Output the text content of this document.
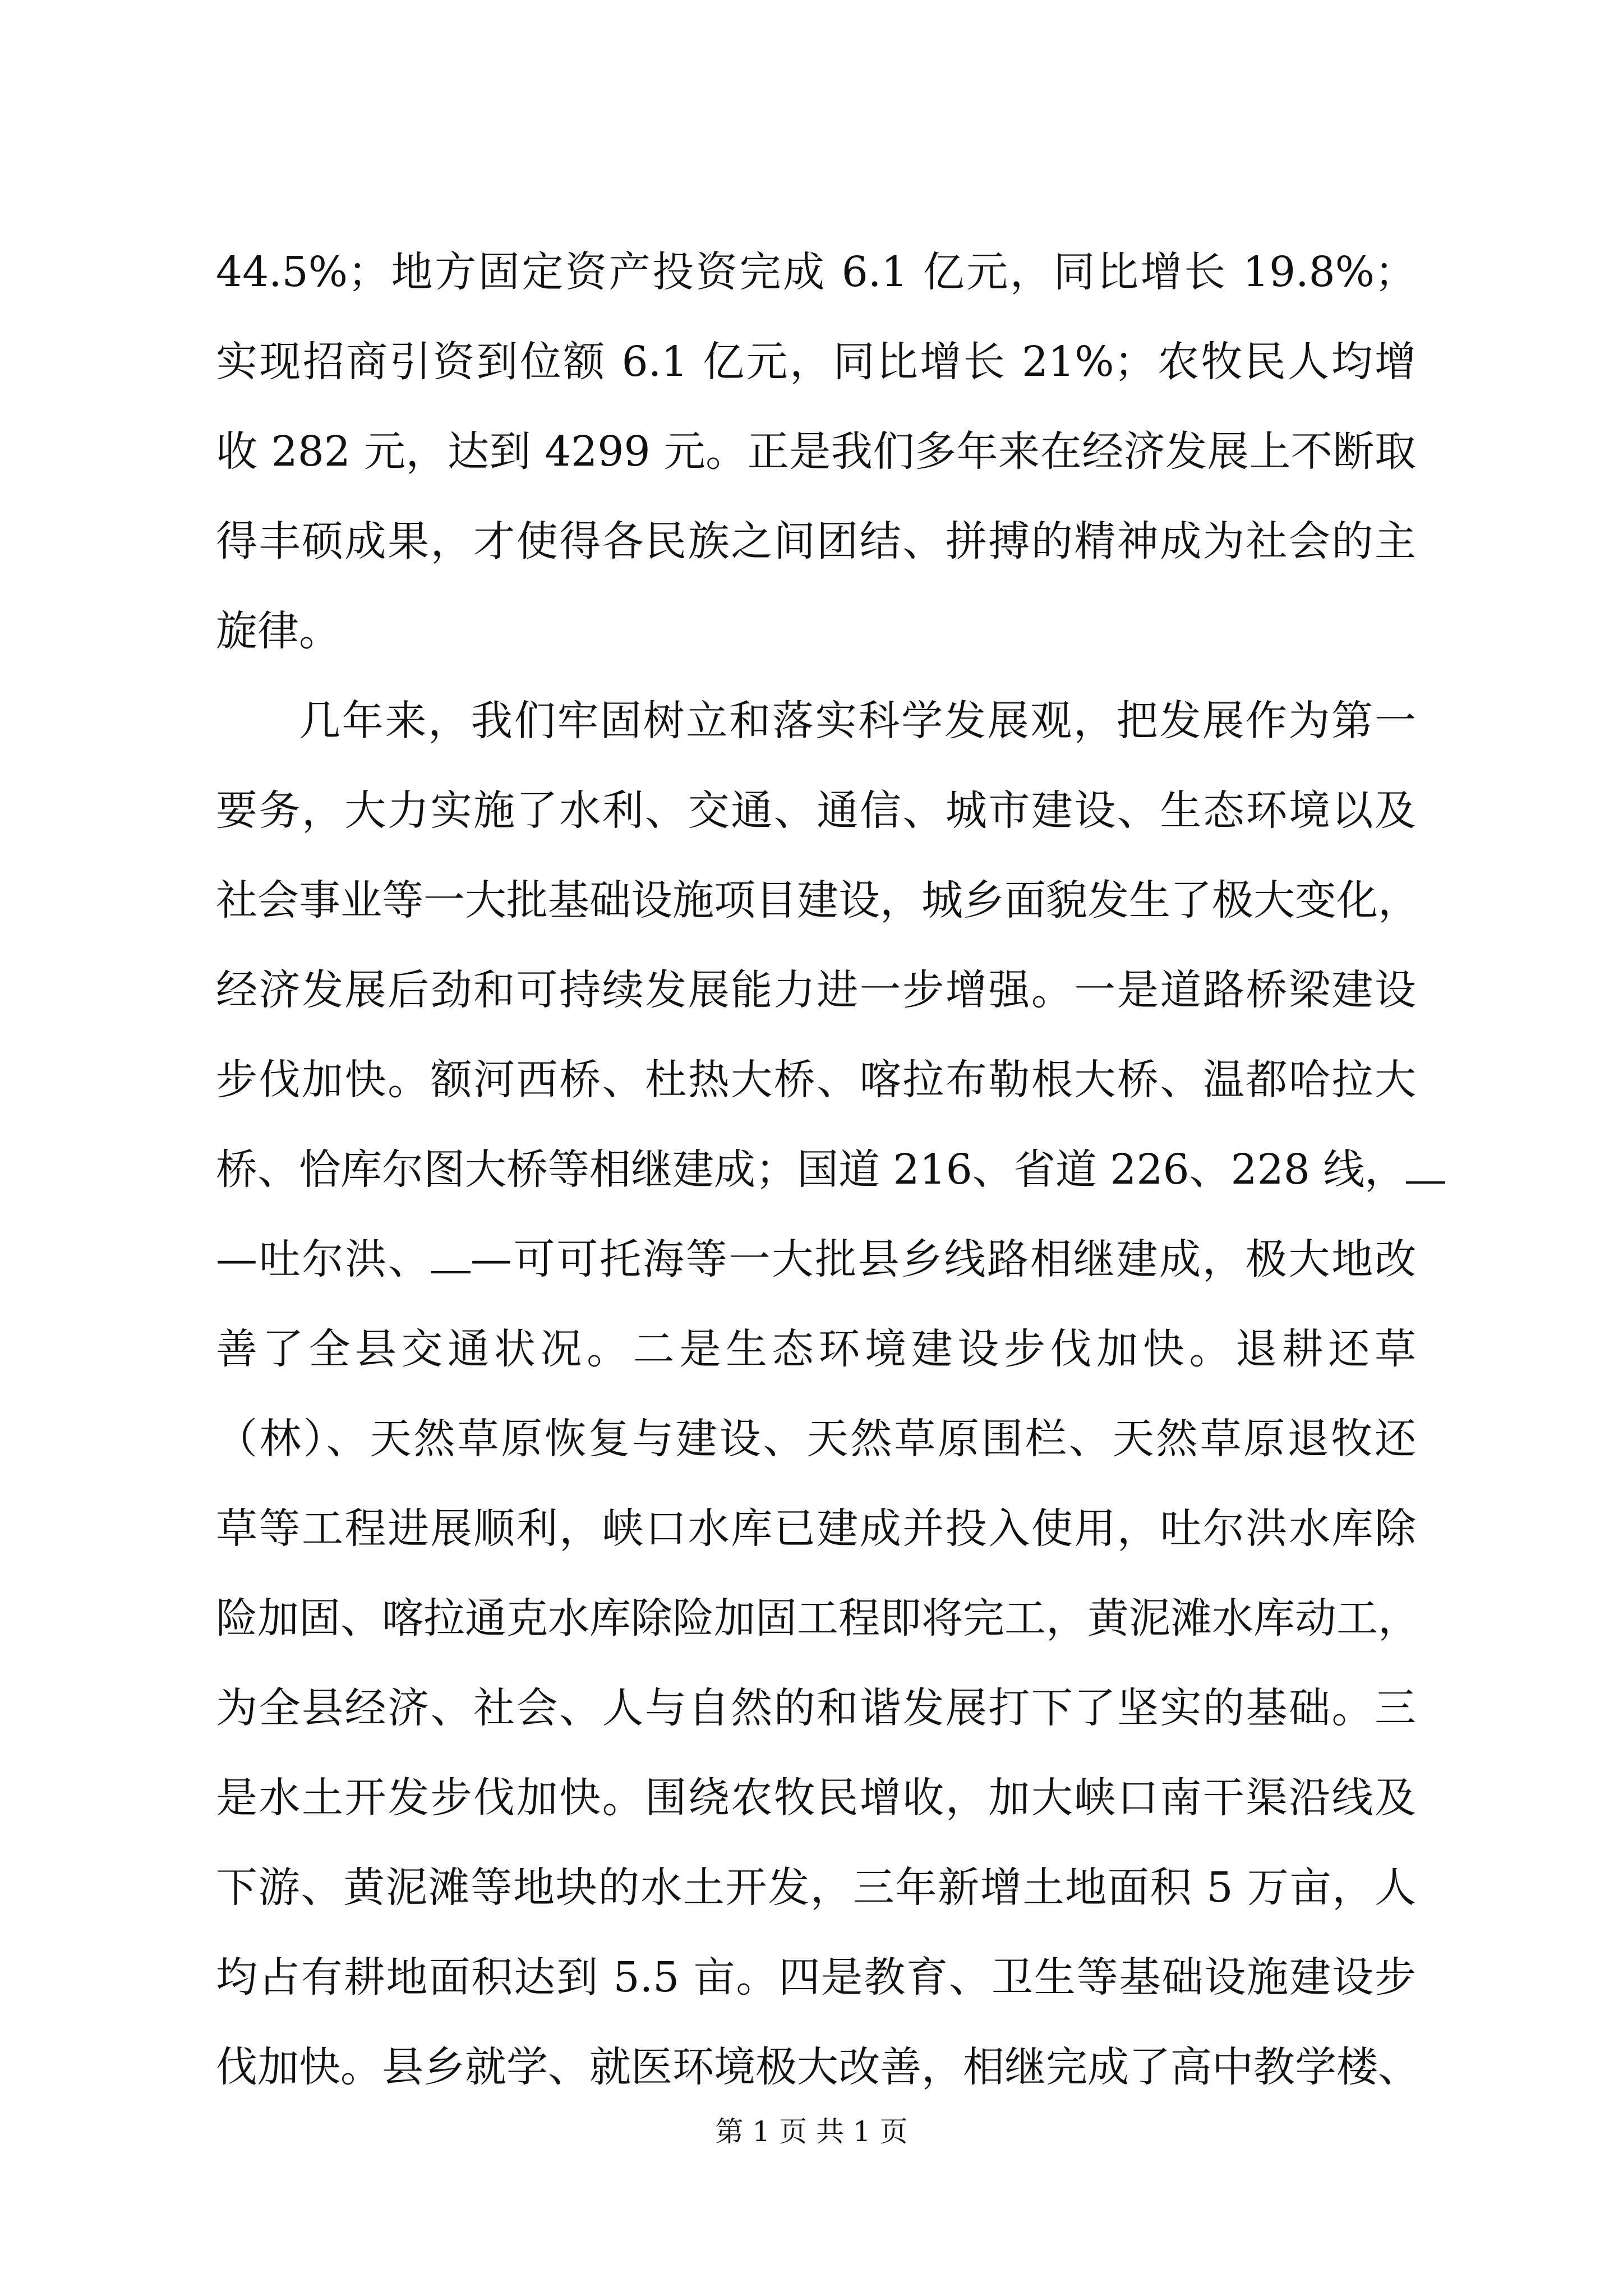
44.5%；地方固定资产投资完成 6.1 亿元，同比增长 19.8%；
实现招商引资到位额 6.1 亿元，同比增长 21%；农牧民人均增
收 282 元，达到 4299 元。正是我们多年来在经济发展上不断取
得丰硕成果，才使得各民族之间团结、拼搏的精神成为社会的主
旋律。
几年来，我们牢固树立和落实科学发展观，把发展作为第一
要务，大力实施了水利、交通、通信、城市建设、生态环境以及
社会事业等一大批基础设施项目建设，城乡面貌发生了极大变化，
经济发展后劲和可持续发展能力进一步增强。一是道路桥梁建设
步伐加快。额河西桥、杜热大桥、喀拉布勒根大桥、温都哈拉大
桥、恰库尔图大桥等相继建成；国道 216、省道 226、228 线，
—吐尔洪、 —可可托海等一大批县乡线路相继建成，极大地改
善了全县交通状况。二是生态环境建设步伐加快。退耕还草
（林）、天然草原恢复与建设、天然草原围栏、天然草原退牧还
草等工程进展顺利，峡口水库已建成并投入使用，吐尔洪水库除
险加固、喀拉通克水库除险加固工程即将完工，黄泥滩水库动工，
为全县经济、社会、人与自然的和谐发展打下了坚实的基础。三
是水土开发步伐加快。围绕农牧民增收，加大峡口南干渠沿线及
下游、黄泥滩等地块的水土开发，三年新增土地面积 5 万亩，人
均占有耕地面积达到 5.5 亩。四是教育、卫生等基础设施建设步
伐加快。县乡就学、就医环境极大改善，相继完成了高中教学楼、
第 1 页 共 1 页
